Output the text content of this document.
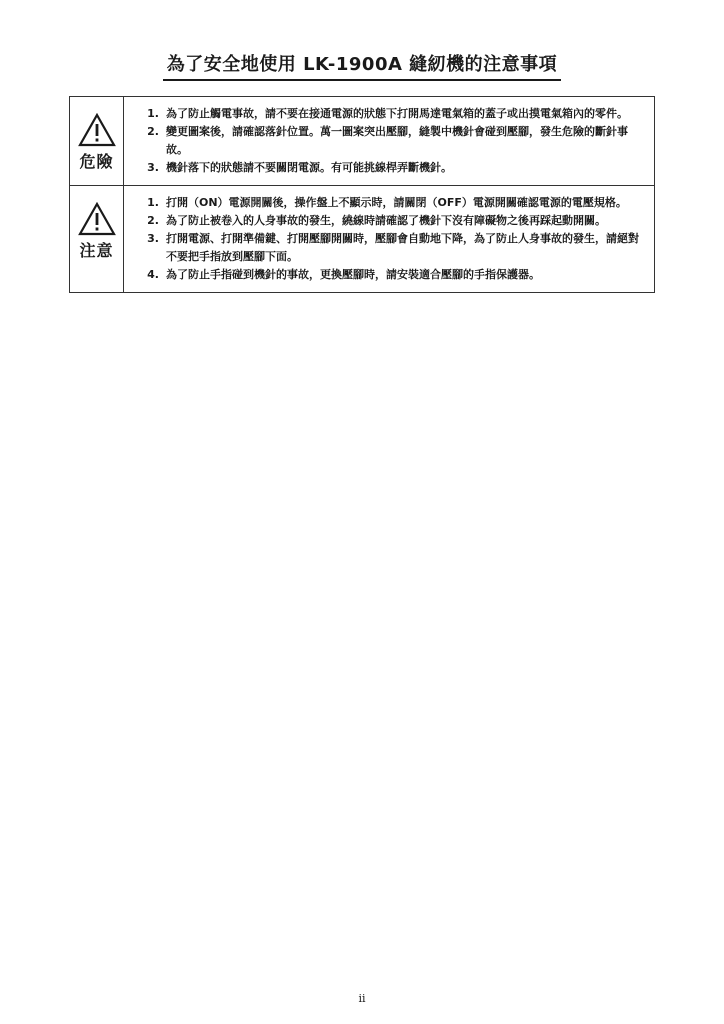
為了安全地使用 LK-1900A 縫紉機的注意事項
危險
1. 為了防止觸電事故，請不要在接通電源的狀態下打開馬達電氣箱的蓋子或出摸電氣箱內的零件。
2. 變更圖案後，請確認落針位置。萬一圖案突出壓腳，縫製中機針會碰到壓腳，發生危險的斷針事故。
3. 機針落下的狀態請不要關閉電源。有可能挑線桿弄斷機針。
注意
1. 打開（ON）電源開關後，操作盤上不顯示時，請關閉（OFF）電源開關確認電源的電壓規格。
2. 為了防止被卷入的人身事故的發生，繞線時請確認了機針下沒有障礙物之後再踩起動開關。
3. 打開電源、打開準備鍵、打開壓腳開關時，壓腳會自動地下降，為了防止人身事故的發生，請絕對不要把手指放到壓腳下面。
4. 為了防止手指碰到機針的事故，更換壓腳時，請安裝適合壓腳的手指保護器。
ii
